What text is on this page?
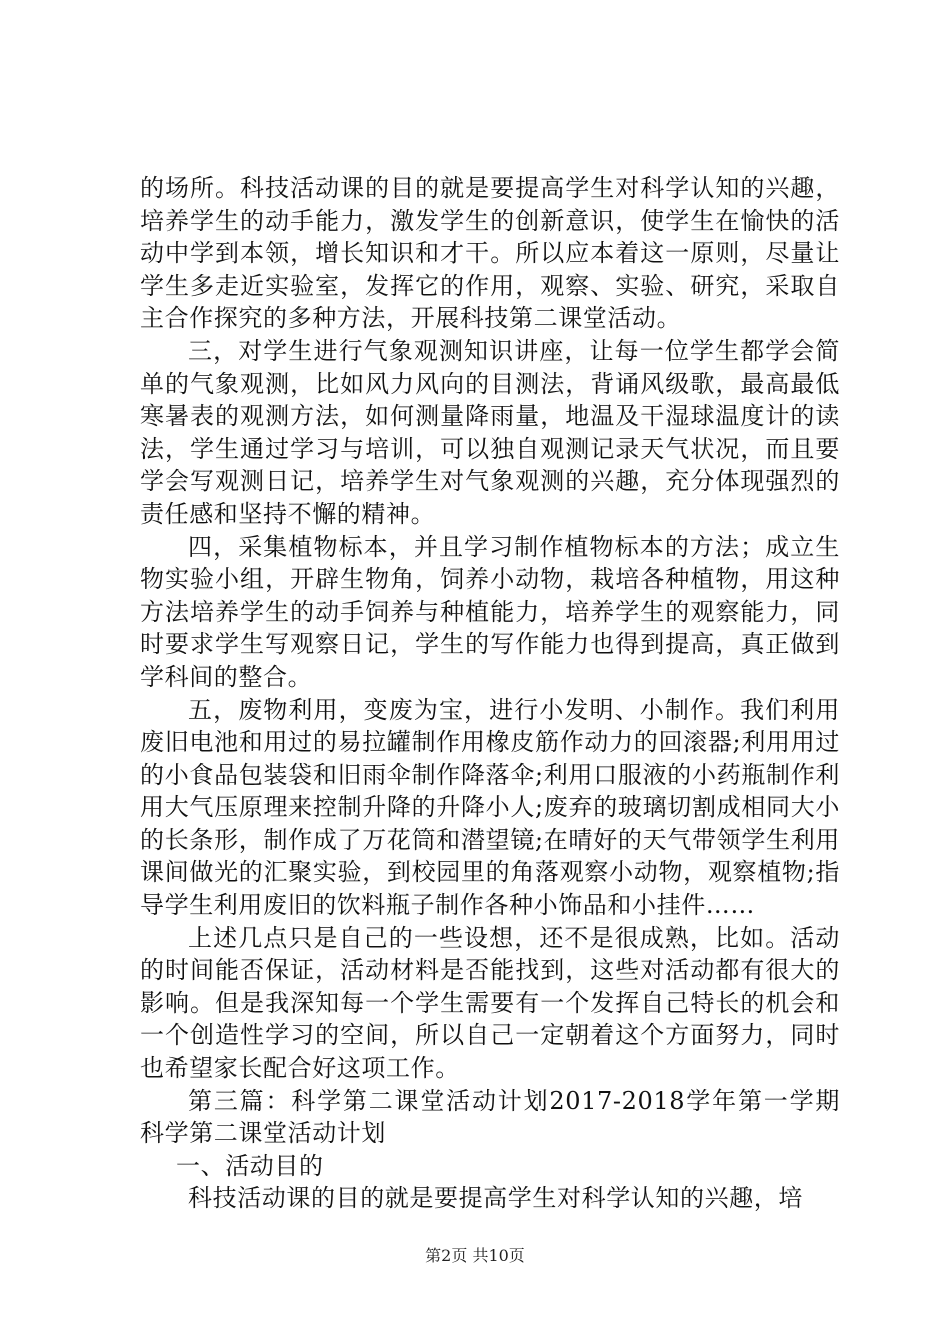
的场所。科技活动课的目的就是要提高学生对科学认知的兴趣，培养学生的动手能力，激发学生的创新意识，使学生在愉快的活动中学到本领，增长知识和才干。所以应本着这一原则，尽量让学生多走近实验室，发挥它的作用，观察、实验、研究，采取自主合作探究的多种方法，开展科技第二课堂活动。

三，对学生进行气象观测知识讲座，让每一位学生都学会简单的气象观测，比如风力风向的目测法，背诵风级歌，最高最低寒暑表的观测方法，如何测量降雨量，地温及干湿球温度计的读法，学生通过学习与培训，可以独自观测记录天气状况，而且要学会写观测日记，培养学生对气象观测的兴趣，充分体现强烈的责任感和坚持不懈的精神。

四，采集植物标本，并且学习制作植物标本的方法；成立生物实验小组，开辟生物角，饲养小动物，栽培各种植物，用这种方法培养学生的动手饲养与种植能力，培养学生的观察能力，同时要求学生写观察日记，学生的写作能力也得到提高，真正做到学科间的整合。

五，废物利用，变废为宝，进行小发明、小制作。我们利用废旧电池和用过的易拉罐制作用橡皮筋作动力的回滚器;利用用过的小食品包装袋和旧雨伞制作降落伞;利用口服液的小药瓶制作利用大气压原理来控制升降的升降小人;废弃的玻璃切割成相同大小的长条形，制作成了万花筒和潜望镜;在晴好的天气带领学生利用课间做光的汇聚实验，到校园里的角落观察小动物，观察植物;指导学生利用废旧的饮料瓶子制作各种小饰品和小挂件……

上述几点只是自己的一些设想，还不是很成熟，比如。活动的时间能否保证，活动材料是否能找到，这些对活动都有很大的影响。但是我深知每一个学生需要有一个发挥自己特长的机会和一个创造性学习的空间，所以自己一定朝着这个方面努力，同时也希望家长配合好这项工作。

第三篇：科学第二课堂活动计划2017-2018学年第一学期科学第二课堂活动计划

一、活动目的

科技活动课的目的就是要提高学生对科学认知的兴趣，培

第2页 共10页
